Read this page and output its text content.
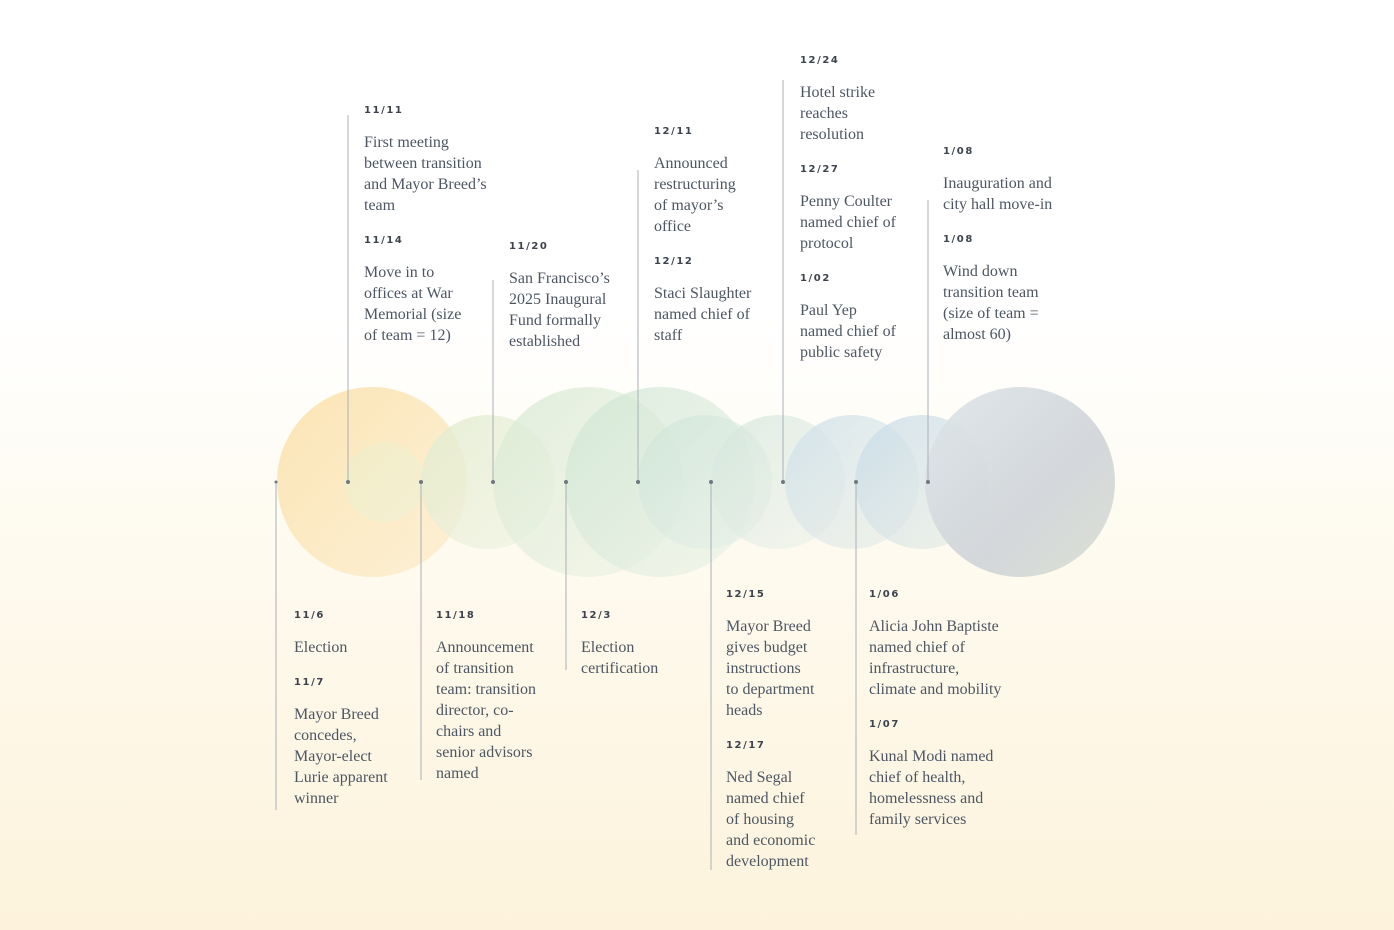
11/11
First meeting
between transition
and Mayor Breed’s
team
11/14
Move in to
offices at War
Memorial (size
of team = 12)
11/20
San Francisco’s
2025 Inaugural
Fund formally
established
12/11
Announced
restructuring
of mayor’s
office
12/12
Staci Slaughter
named chief of
staff
12/24
Hotel strike
reaches
resolution
12/27
Penny Coulter
named chief of
protocol
1/02
Paul Yep
named chief of
public safety
1/08
Inauguration and
city hall move-in
1/08
Wind down
transition team
(size of team =
almost 60)
11/6
Election
11/7
Mayor Breed
concedes,
Mayor-elect
Lurie apparent
winner
11/18
Announcement
of transition
team: transition
director, co-
chairs and
senior advisors
named
12/3
Election
certification
12/15
Mayor Breed
gives budget
instructions
to department
heads
12/17
Ned Segal
named chief
of housing
and economic
development
1/06
Alicia John Baptiste
named chief of
infrastructure,
climate and mobility
1/07
Kunal Modi named
chief of health,
homelessness and
family services
